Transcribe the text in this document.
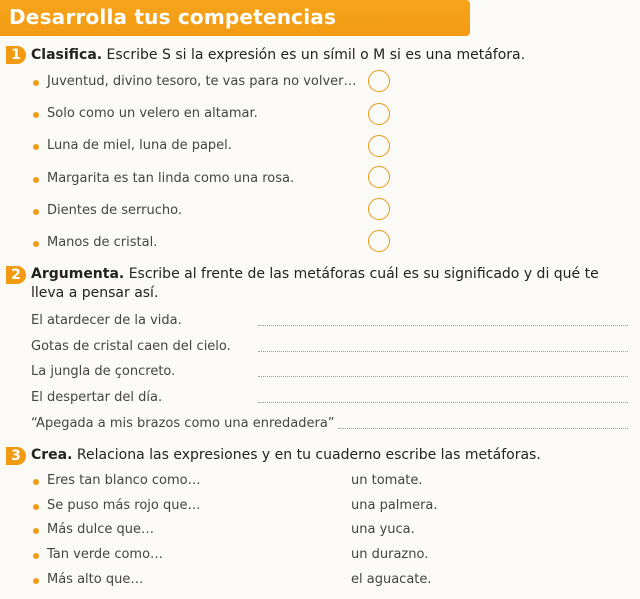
Desarrolla tus competencias
1 Clasifica. Escribe S si la expresión es un símil o M si es una metáfora.
Juventud, divino tesoro, te vas para no volver…
Solo como un velero en altamar.
Luna de miel, luna de papel.
Margarita es tan linda como una rosa.
Dientes de serrucho.
Manos de cristal.
2 Argumenta. Escribe al frente de las metáforas cuál es su significado y di qué te
lleva a pensar así.
El atardecer de la vida.
Gotas de cristal caen del cielo.
La jungla de çoncreto.
El despertar del día.
“Apegada a mis brazos como una enredadera”
3 Crea. Relaciona las expresiones y en tu cuaderno escribe las metáforas.
Eres tan blanco como…	un tomate.
Se puso más rojo que…	una palmera.
Más dulce que…	una yuca.
Tan verde como…	un durazno.
Más alto que…	el aguacate.
